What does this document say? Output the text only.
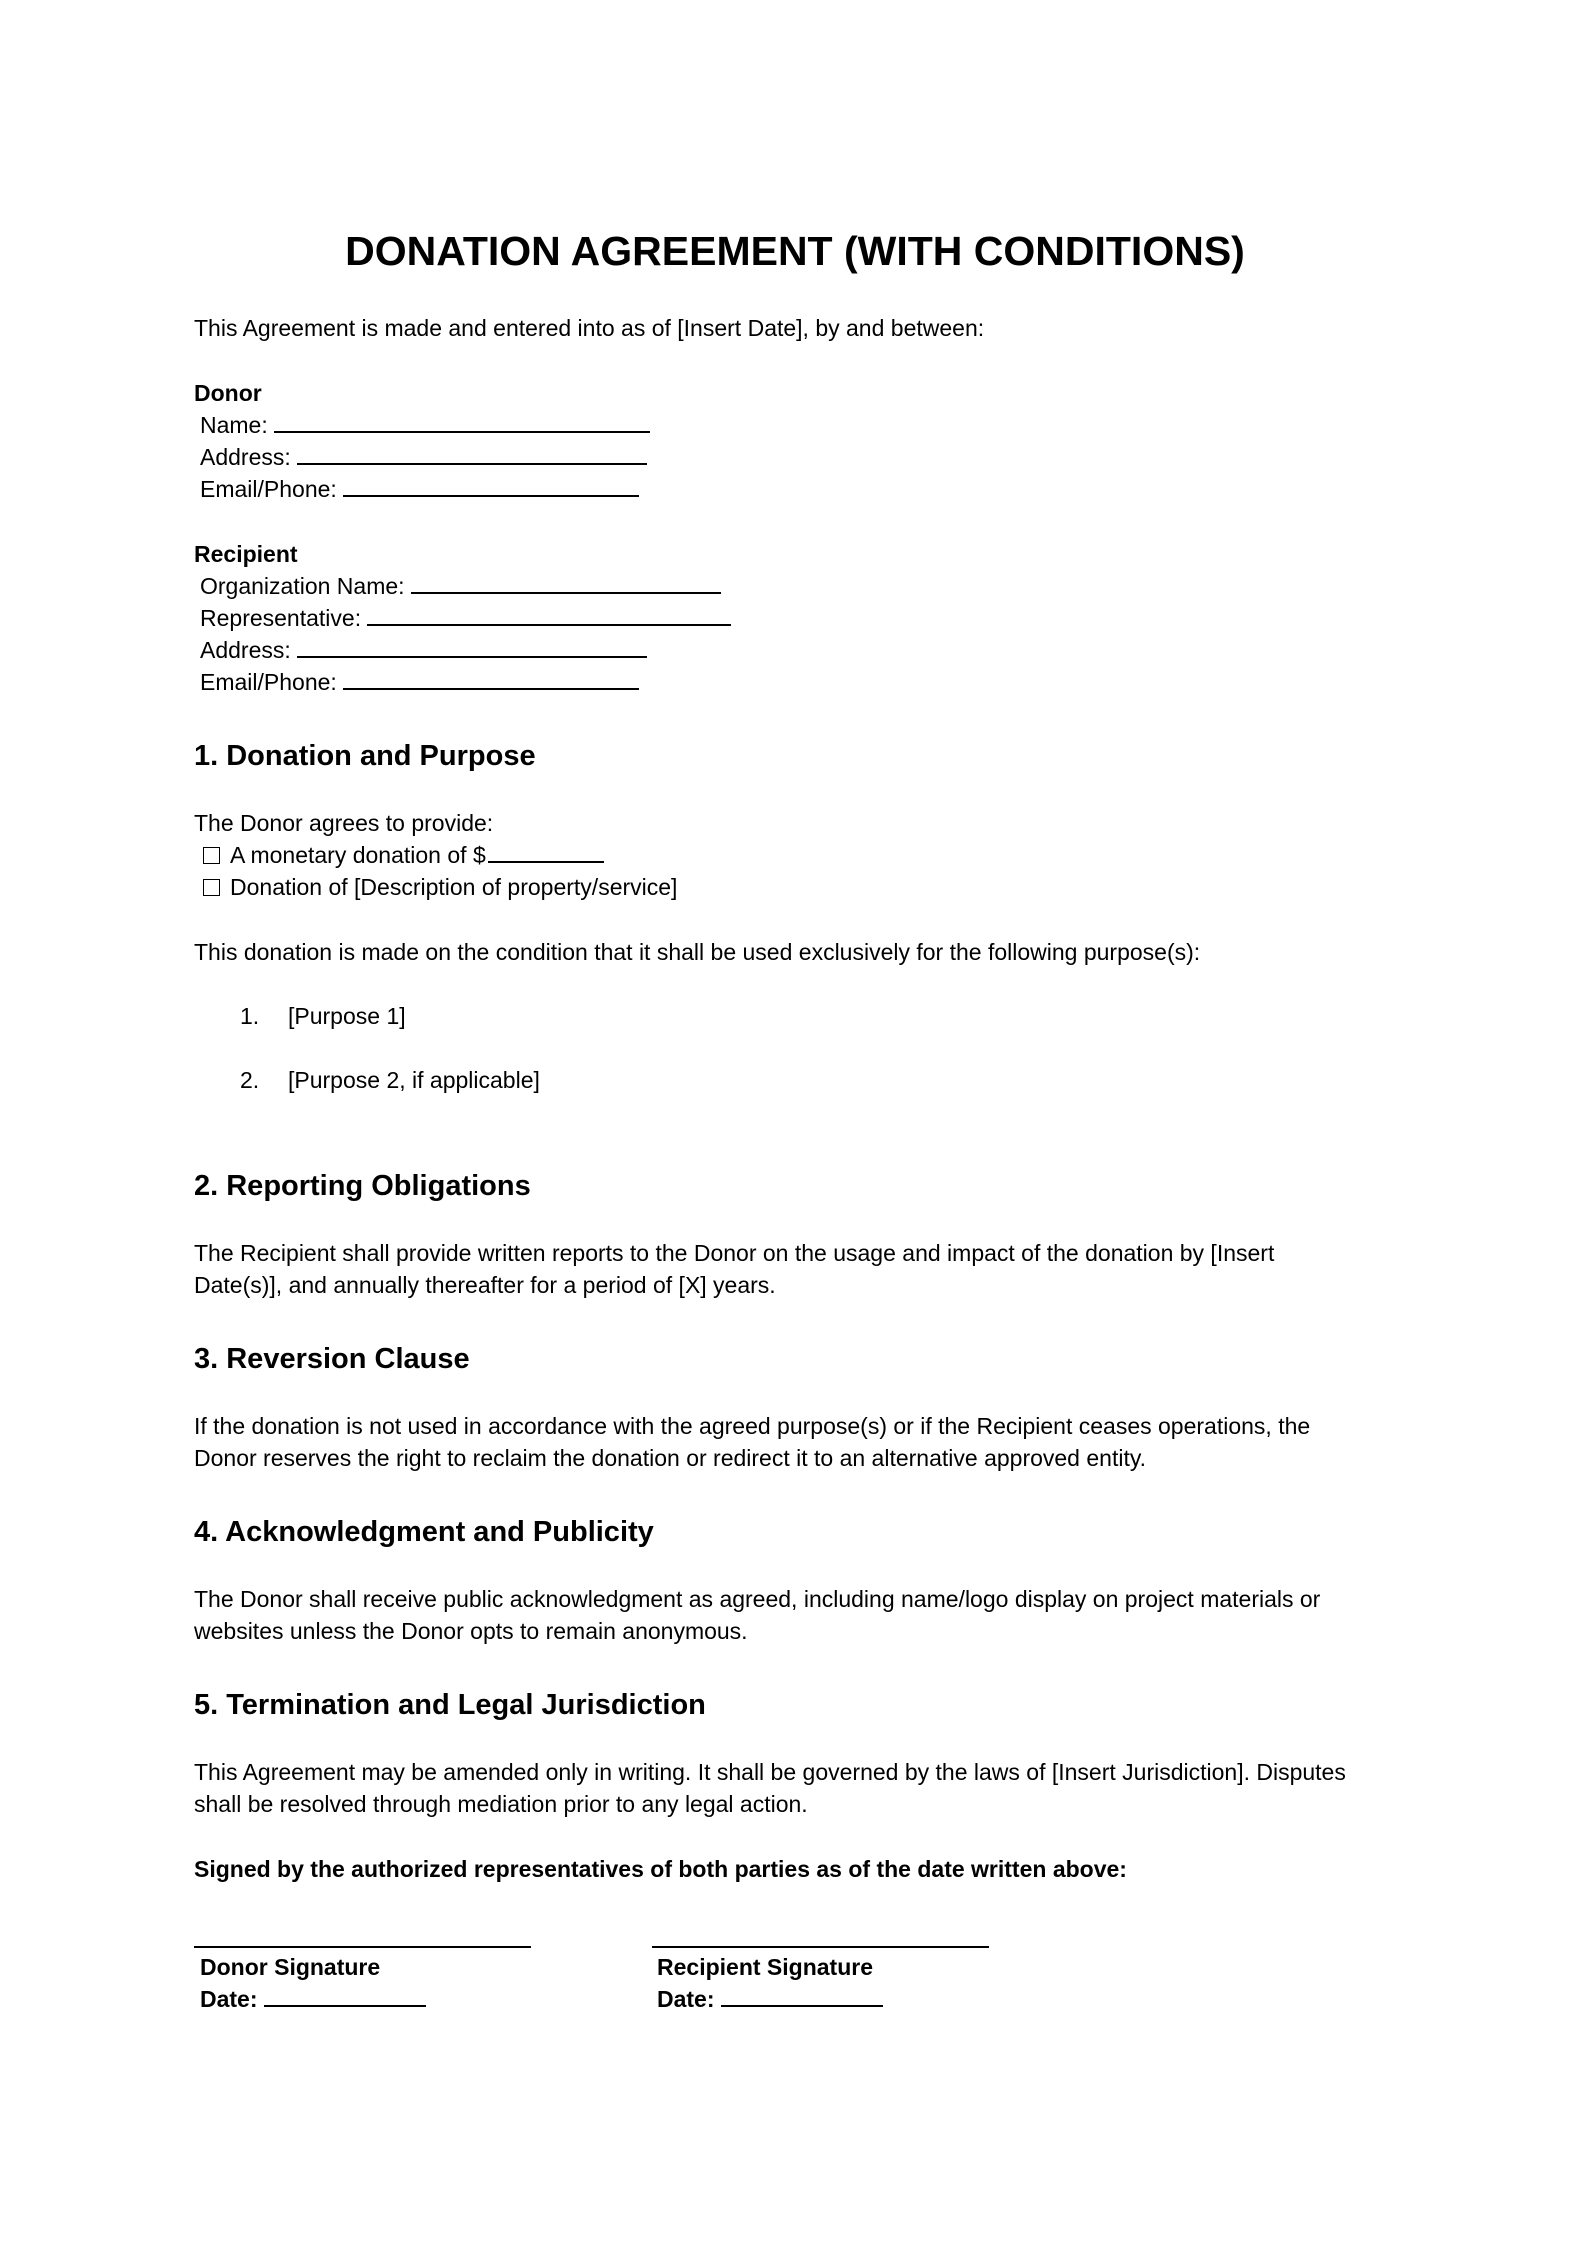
DONATION AGREEMENT (WITH CONDITIONS)
This Agreement is made and entered into as of [Insert Date], by and between:
Donor
Name:
Address:
Email/Phone:
Recipient
Organization Name:
Representative:
Address:
Email/Phone:
1. Donation and Purpose
The Donor agrees to provide:
A monetary donation of $
Donation of [Description of property/service]
This donation is made on the condition that it shall be used exclusively for the following purpose(s):
1. [Purpose 1]
2. [Purpose 2, if applicable]
2. Reporting Obligations
The Recipient shall provide written reports to the Donor on the usage and impact of the donation by [Insert
Date(s)], and annually thereafter for a period of [X] years.
3. Reversion Clause
If the donation is not used in accordance with the agreed purpose(s) or if the Recipient ceases operations, the
Donor reserves the right to reclaim the donation or redirect it to an alternative approved entity.
4. Acknowledgment and Publicity
The Donor shall receive public acknowledgment as agreed, including name/logo display on project materials or
websites unless the Donor opts to remain anonymous.
5. Termination and Legal Jurisdiction
This Agreement may be amended only in writing. It shall be governed by the laws of [Insert Jurisdiction]. Disputes
shall be resolved through mediation prior to any legal action.
Signed by the authorized representatives of both parties as of the date written above:
Donor Signature
Date:
Recipient Signature
Date:
